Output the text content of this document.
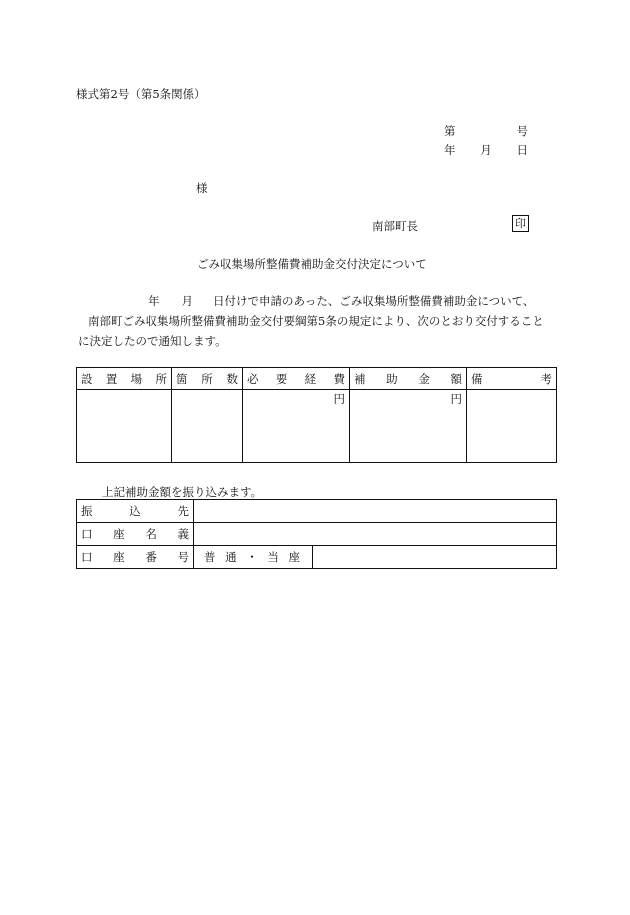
様式第2号（第5条関係）
第	号
年 月 日
様
南部町長	印
ごみ収集場所整備費補助金交付決定について
年 月 日付けで申請のあった、ごみ収集場所整備費補助金について、
南部町ごみ収集場所整備費補助金交付要綱第5条の規定により、次のとおり交付すること
に決定したので通知します。
設 置 場 所	箇 所 数	必 要 経 費	補 助 金 額	備 考

		円	円	
上記補助金額を振り込みます。
振 込 先		

口 座 名 義		

口 座 番 号	普 通 ・ 当 座	
